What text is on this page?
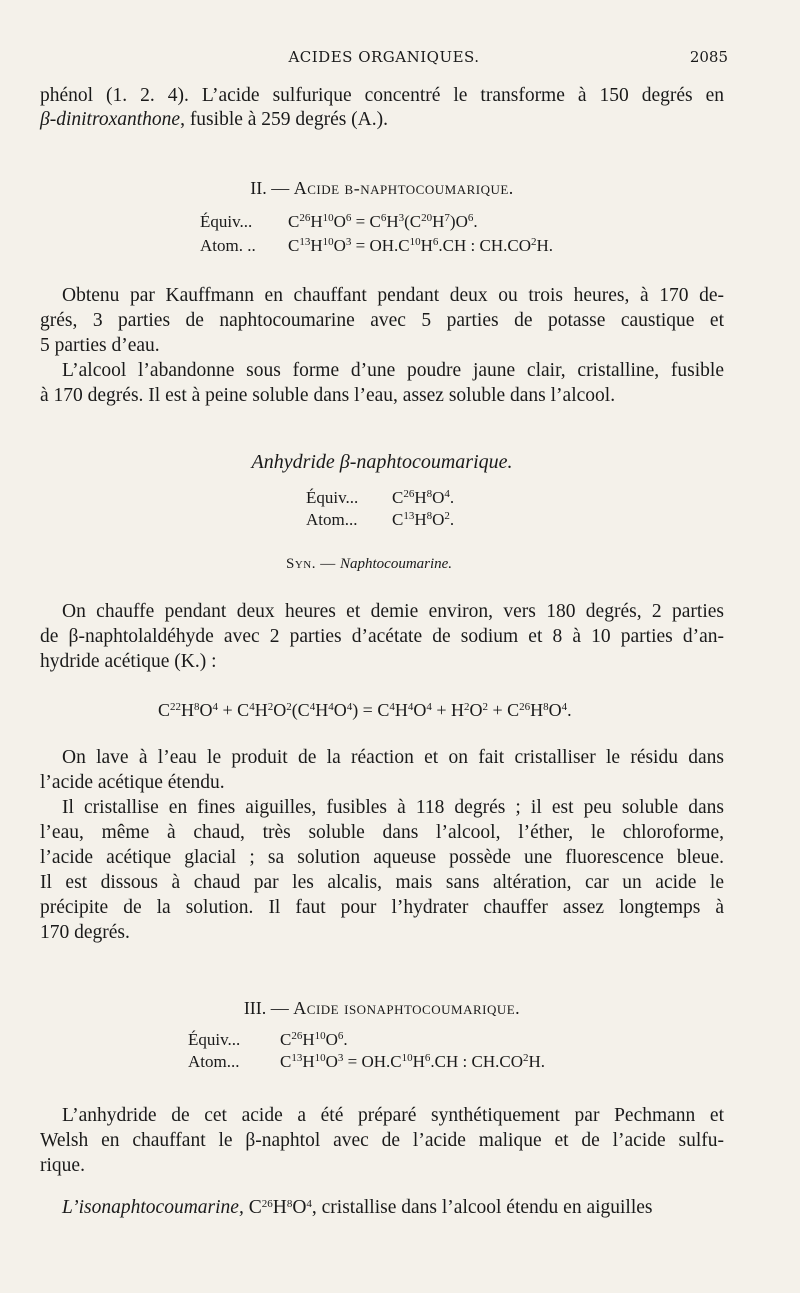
ACIDES ORGANIQUES.	2085
phénol (1. 2. 4). L’acide sulfurique concentré le transforme à 150 degrés en
β-dinitroxanthone, fusible à 259 degrés (A.).
II. — Acide β-naphtocoumarique.
Équiv... $C^{26}H^{10}O^6 = C^6H^3(C^{20}H^7)O^6$.
Atom. .. $C^{13}H^{10}O^3 = OH.C^{10}H^6.CH$ : $CH.CO^2H$.
Obtenu par Kauffmann en chauffant pendant deux ou trois heures, à 170 de-
grés, 3 parties de naphtocoumarine avec 5 parties de potasse caustique et
5 parties d’eau.
L’alcool l’abandonne sous forme d’une poudre jaune clair, cristalline, fusible
à 170 degrés. Il est à peine soluble dans l’eau, assez soluble dans l’alcool.
Anhydride β-naphtocoumarique.
Équiv... $C^{26}H^8O^4$.
Atom... $C^{13}H^8O^2$.
Syn. — Naphtocoumarine.
On chauffe pendant deux heures et demie environ, vers 180 degrés, 2 parties
de β-naphtolaldéhyde avec 2 parties d’acétate de sodium et 8 à 10 parties d’an-
hydride acétique (K.) :
$C^{22}H^8O^4 + C^4H^2O^2(C^4H^4O^4) = C^4H^4O^4 + H^2O^2 + C^{26}H^8O^4$.
On lave à l’eau le produit de la réaction et on fait cristalliser le résidu dans
l’acide acétique étendu.
Il cristallise en fines aiguilles, fusibles à 118 degrés ; il est peu soluble dans
l’eau, même à chaud, très soluble dans l’alcool, l’éther, le chloroforme,
l’acide acétique glacial ; sa solution aqueuse possède une fluorescence bleue.
Il est dissous à chaud par les alcalis, mais sans altération, car un acide le
précipite de la solution. Il faut pour l’hydrater chauffer assez longtemps à
170 degrés.
III. — Acide isonaphtocoumarique.
Équiv... $C^{26}H^{10}O^6$.
Atom... $C^{13}H^{10}O^3 = OH.C^{10}H^6.CH$ : $CH.CO^2H$.
L’anhydride de cet acide a été préparé synthétiquement par Pechmann et
Welsh en chauffant le β-naphtol avec de l’acide malique et de l’acide sulfu-
rique.
L’isonaphtocoumarine, $C^{26}H^8O^4$, cristallise dans l’alcool étendu en aiguilles
